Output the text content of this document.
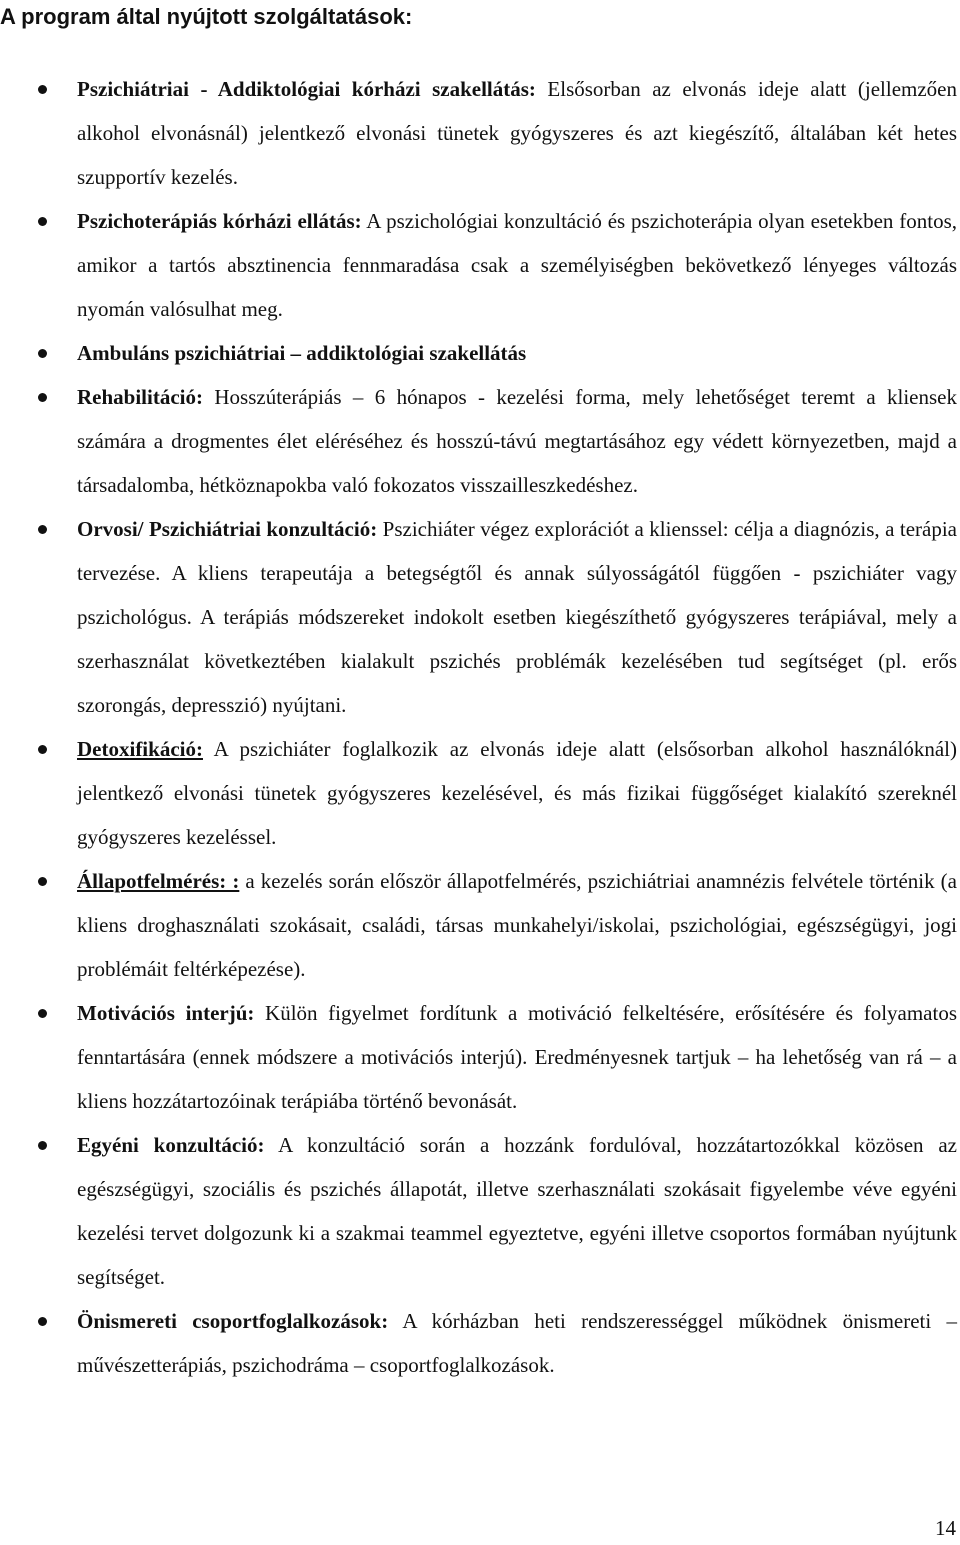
A program által nyújtott szolgáltatások:
Pszichiátriai - Addiktológiai kórházi szakellátás: Elsősorban az elvonás ideje alatt (jellemzően alkohol elvonásnál) jelentkező elvonási tünetek gyógyszeres és azt kiegészítő, általában két hetes szupportív kezelés.
Pszichoterápiás kórházi ellátás: A pszichológiai konzultáció és pszichoterápia olyan esetekben fontos, amikor a tartós absztinencia fennmaradása csak a személyiségben bekövetkező lényeges változás nyomán valósulhat meg.
Ambuláns pszichiátriai – addiktológiai szakellátás
Rehabilitáció: Hosszúterápiás – 6 hónapos - kezelési forma, mely lehetőséget teremt a kliensek számára a drogmentes élet eléréséhez és hosszú-távú megtartásához egy védett környezetben, majd a társadalomba, hétköznapokba való fokozatos visszailleszkedéshez.
Orvosi/ Pszichiátriai konzultáció: Pszichiáter végez explorációt a klienssel: célja a diagnózis, a terápia tervezése. A kliens terapeutája a betegségtől és annak súlyosságától függően - pszichiáter vagy pszichológus. A terápiás módszereket indokolt esetben kiegészíthető gyógyszeres terápiával, mely a szerhasználat következtében kialakult pszichés problémák kezelésében tud segítséget (pl. erős szorongás, depresszió) nyújtani.
Detoxifikáció: A pszichiáter foglalkozik az elvonás ideje alatt (elsősorban alkohol használóknál) jelentkező elvonási tünetek gyógyszeres kezelésével, és más fizikai függőséget kialakító szereknél gyógyszeres kezeléssel.
Állapotfelmérés: : a kezelés során először állapotfelmérés, pszichiátriai anamnézis felvétele történik (a kliens droghasználati szokásait, családi, társas munkahelyi/iskolai, pszichológiai, egészségügyi, jogi problémáit feltérképezése).
Motivációs interjú: Külön figyelmet fordítunk a motiváció felkeltésére, erősítésére és folyamatos fenntartására (ennek módszere a motivációs interjú). Eredményesnek tartjuk – ha lehetőség van rá – a kliens hozzátartozóinak terápiába történő bevonását.
Egyéni konzultáció: A konzultáció során a hozzánk fordulóval, hozzátartozókkal közösen az egészségügyi, szociális és pszichés állapotát, illetve szerhasználati szokásait figyelembe véve egyéni kezelési tervet dolgozunk ki a szakmai teammel egyeztetve, egyéni illetve csoportos formában nyújtunk segítséget.
Önismereti csoportfoglalkozások: A kórházban heti rendszerességgel működnek önismereti – művészetterápiás, pszichodráma – csoportfoglalkozások.
14
